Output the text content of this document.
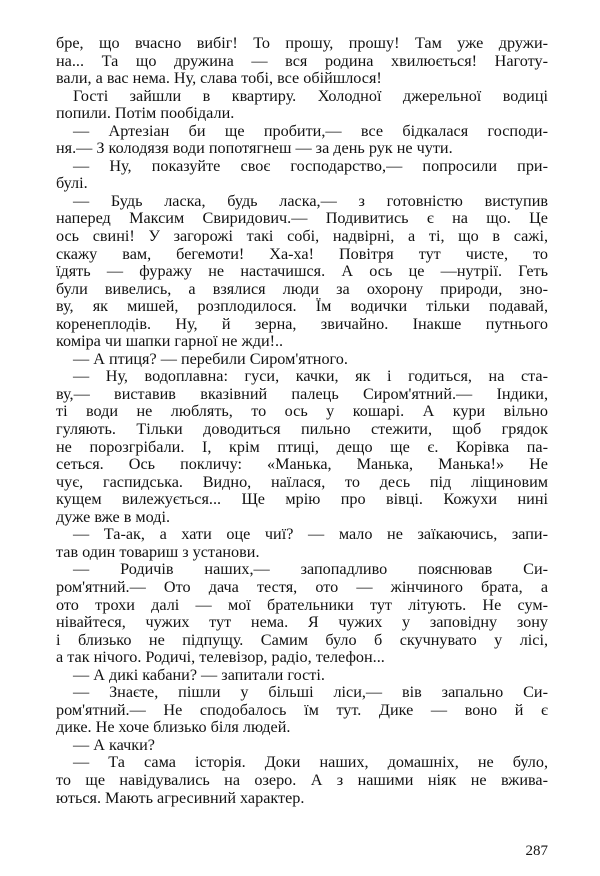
бре, що вчасно вибіг! То прошу, прошу! Там уже дружи-
на... Та що дружина — вся родина хвилюється! Наготу-
вали, а вас нема. Ну, слава тобі, все обійшлося!
Гості зайшли в квартиру. Холодної джерельної водиці
попили. Потім пообідали.
— Артезіан би ще пробити,— все бідкалася господи-
ня.— З колодязя води попотягнеш — за день рук не чути.
— Ну, показуйте своє господарство,— попросили при-
булі.
— Будь ласка, будь ласка,— з готовністю виступив
наперед Максим Свиридович.— Подивитись є на що. Це
ось свині! У загорожі такі собі, надвірні, а ті, що в сажі,
скажу вам, бегемоти! Ха-ха! Повітря тут чисте, то
їдять — фуражу не настачишся. А ось це —нутрії. Геть
були вивелись, а взялися люди за охорону природи, зно-
ву, як мишей, розплодилося. Їм водички тільки подавай,
коренеплодів. Ну, й зерна, звичайно. Інакше путнього
коміра чи шапки гарної не жди!..
— А птиця? — перебили Сиром'ятного.
— Ну, водоплавна: гуси, качки, як і годиться, на ста-
ву,— виставив вказівний палець Сиром'ятний.— Індики,
ті води не люблять, то ось у кошарі. А кури вільно
гуляють. Тільки доводиться пильно стежити, щоб грядок
не порозгрібали. І, крім птиці, дещо ще є. Корівка па-
сеться. Ось покличу: «Манька, Манька, Манька!» Не
чує, гаспидська. Видно, наїлася, то десь під ліщиновим
кущем вилежується... Ще мрію про вівці. Кожухи нині
дуже вже в моді.
— Та-ак, а хати оце чиї? — мало не заїкаючись, запи-
тав один товариш з установи.
— Родичів наших,— запопадливо пояснював Си-
ром'ятний.— Ото дача тестя, ото — жінчиного брата, а
ото трохи далі — мої брательники тут літують. Не сум-
нівайтеся, чужих тут нема. Я чужих у заповідну зону
і близько не підпущу. Самим було б скучнувато у лісі,
а так нічого. Родичі, телевізор, радіо, телефон...
— А дикі кабани? — запитали гості.
— Знаєте, пішли у більші ліси,— вів запально Си-
ром'ятний.— Не сподобалось їм тут. Дике — воно й є
дике. Не хоче близько біля людей.
— А качки?
— Та сама історія. Доки наших, домашніх, не було,
то ще навідувались на озеро. А з нашими ніяк не вжива-
ються. Мають агресивний характер.
287
